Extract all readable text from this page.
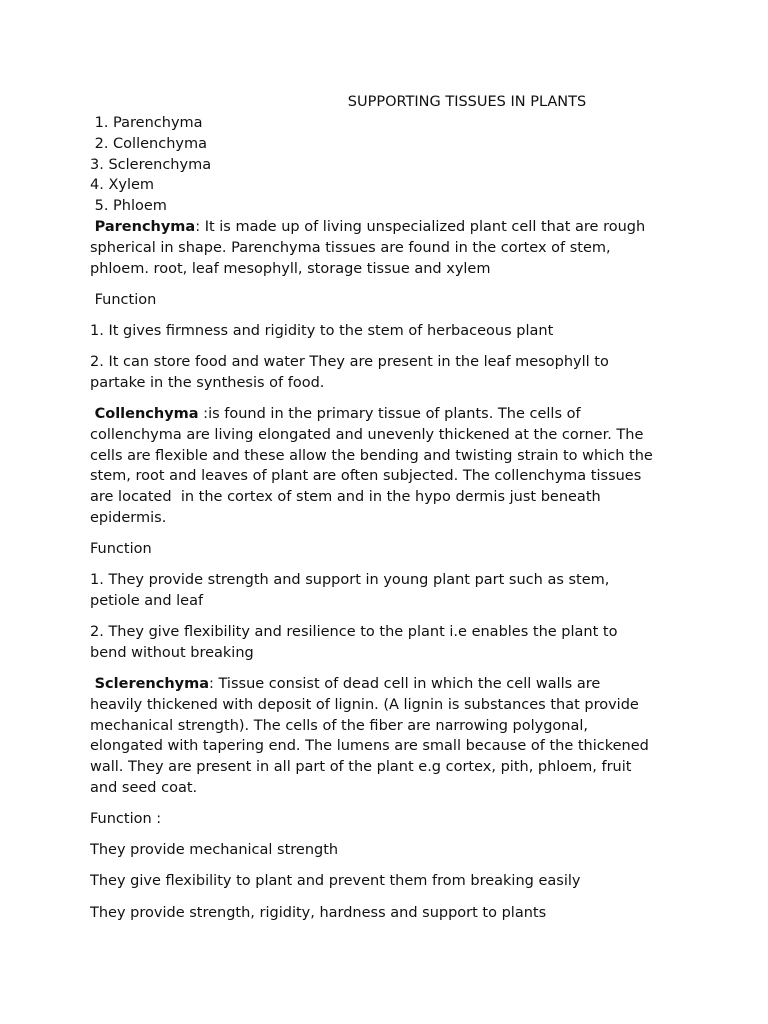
SUPPORTING TISSUES IN PLANTS
1. Parenchyma
2. Collenchyma
3. Sclerenchyma
4. Xylem
5. Phloem
Parenchyma: It is made up of living unspecialized plant cell that are rough
spherical in shape. Parenchyma tissues are found in the cortex of stem,
phloem. root, leaf mesophyll, storage tissue and xylem
Function
1. It gives firmness and rigidity to the stem of herbaceous plant
2. It can store food and water They are present in the leaf mesophyll to
partake in the synthesis of food.
Collenchyma :is found in the primary tissue of plants. The cells of
collenchyma are living elongated and unevenly thickened at the corner. The
cells are flexible and these allow the bending and twisting strain to which the
stem, root and leaves of plant are often subjected. The collenchyma tissues
are located  in the cortex of stem and in the hypo dermis just beneath
epidermis.
Function
1. They provide strength and support in young plant part such as stem,
petiole and leaf
2. They give flexibility and resilience to the plant i.e enables the plant to
bend without breaking
Sclerenchyma: Tissue consist of dead cell in which the cell walls are
heavily thickened with deposit of lignin. (A lignin is substances that provide
mechanical strength). The cells of the fiber are narrowing polygonal,
elongated with tapering end. The lumens are small because of the thickened
wall. They are present in all part of the plant e.g cortex, pith, phloem, fruit
and seed coat.
Function :
They provide mechanical strength
They give flexibility to plant and prevent them from breaking easily
They provide strength, rigidity, hardness and support to plants
